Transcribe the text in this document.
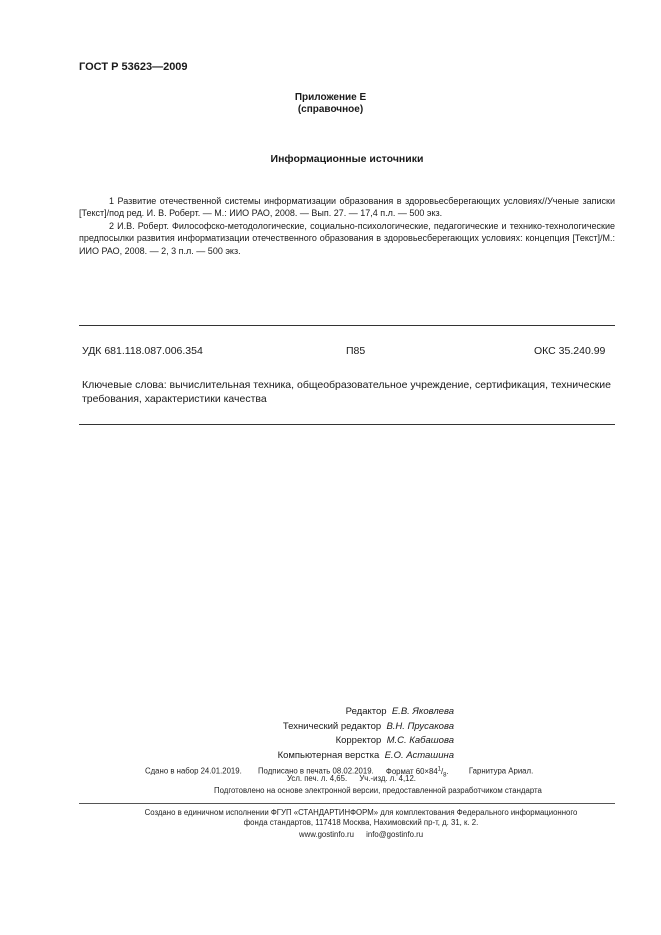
ГОСТ Р 53623—2009
Приложение Е
(справочное)
Информационные источники
1 Развитие отечественной системы информатизации образования в здоровьесберегающих условиях//Ученые записки [Текст]/под ред. И. В. Роберт. — М.: ИИО РАО, 2008. — Вып. 27. — 17,4 п.л. — 500 экз.
2 И.В. Роберт. Философско-методологические, социально-психологические, педагогические и технико-технологические предпосылки развития информатизации отечественного образования в здоровьесберегающих условиях: концепция [Текст]/М.: ИИО РАО, 2008. — 2, 3 п.л. — 500 экз.
УДК 681.118.087.006.354	П85	ОКС 35.240.99
Ключевые слова: вычислительная техника, общеобразовательное учреждение, сертификация, технические требования, характеристики качества
Редактор Е.В. Яковлева
Технический редактор В.Н. Прусакова
Корректор М.С. Кабашова
Компьютерная верстка Е.О. Асташина
Сдано в набор 24.01.2019. Подписано в печать 08.02.2019. Формат $60\times 84^1/_8$.	Гарнитура Ариал.
Усл. печ. л. 4,65. Уч.-изд. л. 4,12.
Подготовлено на основе электронной версии, предоставленной разработчиком стандарта
Создано в единичном исполнении ФГУП «СТАНДАРТИНФОРМ» для комплектования Федерального информационного
фонда стандартов, 117418 Москва, Нахимовский пр-т, д. 31, к. 2.
www.gostinfo.ru info@gostinfo.ru
